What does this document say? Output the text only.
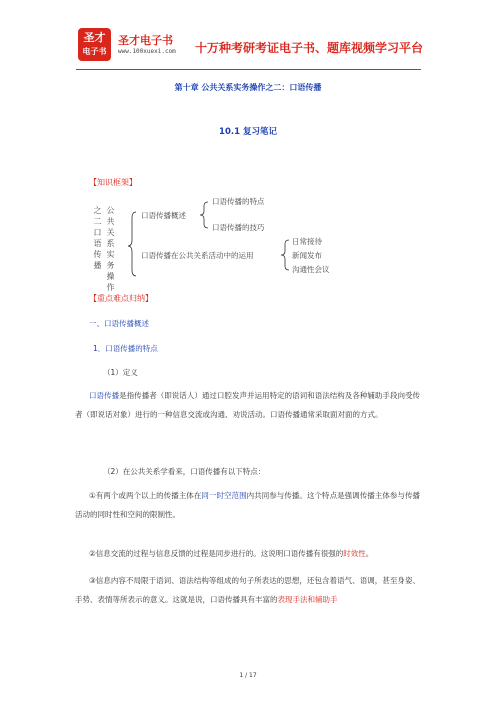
圣才
电子书
圣才电子书
www.100xuexi.com 十万种考研考证电子书、题库视频学习平台
第十章 公共关系实务操作之二：口语传播
10.1 复习笔记
【知识框架】
口
语
传
播
之
二
公
共
关
系
实
务
操
作
口语传播概述
口语传播的特点
口语传播的技巧
口语传播在公共关系活动中的运用
日常接待
新闻发布
沟通性会议
【重点难点归纳】
一、口语传播概述
1．口语传播的特点
（1）定义
口语传播是指传播者（即说话人）通过口腔发声并运用特定的语词和语法结构及各种辅助手段向受传者（即说话对象）进行的一种信息交流或沟通、劝说活动。口语传播通常采取面对面的方式。
（2）在公共关系学看来，口语传播有以下特点：
①有两个或两个以上的传播主体在同一时空范围内共同参与传播。这个特点是强调传播主体参与传播活动的同时性和空间的限制性。
②信息交流的过程与信息反馈的过程是同步进行的。这说明口语传播有很强的时效性。
③信息内容不局限于语词、语法结构等组成的句子所表达的思想，还包含着语气、语调，甚至身姿、手势、表情等所表示的意义。这就是说，口语传播具有丰富的表现手法和辅助手
1 / 17
